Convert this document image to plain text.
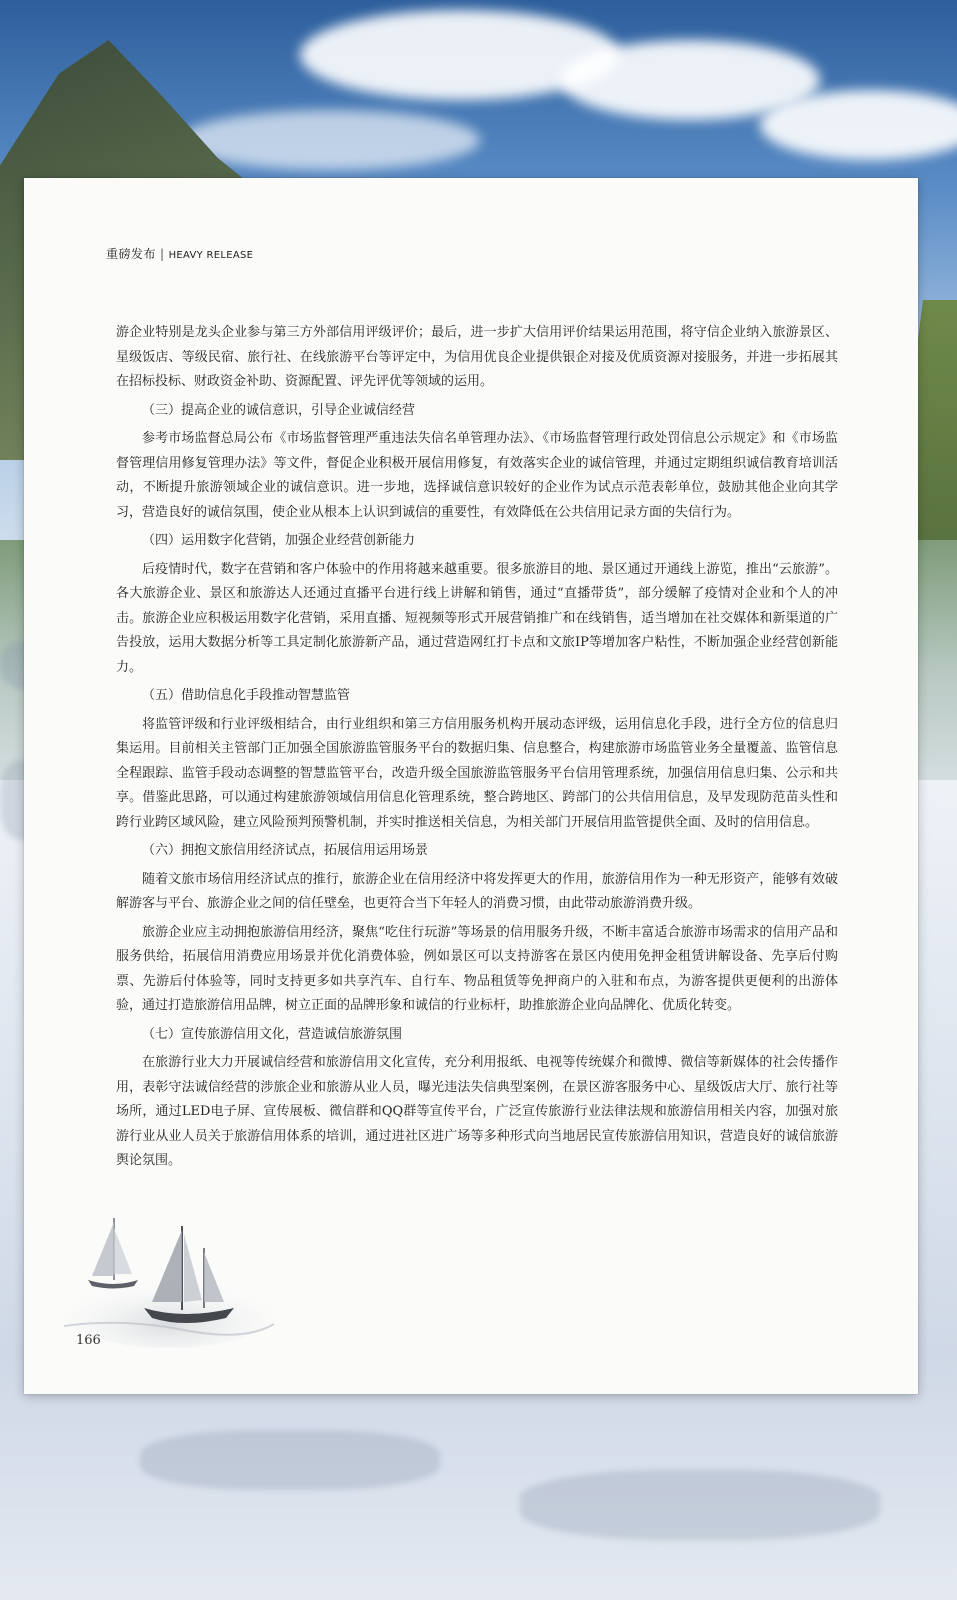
重磅发布 | HEAVY RELEASE

游企业特别是龙头企业参与第三方外部信用评级评价；最后，进一步扩大信用评价结果运用范围，将守信企业纳入旅游景区、星级饭店、等级民宿、旅行社、在线旅游平台等评定中，为信用优良企业提供银企对接及优质资源对接服务，并进一步拓展其在招标投标、财政资金补助、资源配置、评先评优等领域的运用。

（三）提高企业的诚信意识，引导企业诚信经营

参考市场监督总局公布《市场监督管理严重违法失信名单管理办法》、《市场监督管理行政处罚信息公示规定》和《市场监督管理信用修复管理办法》等文件，督促企业积极开展信用修复，有效落实企业的诚信管理，并通过定期组织诚信教育培训活动，不断提升旅游领域企业的诚信意识。进一步地，选择诚信意识较好的企业作为试点示范表彰单位，鼓励其他企业向其学习，营造良好的诚信氛围，使企业从根本上认识到诚信的重要性，有效降低在公共信用记录方面的失信行为。

（四）运用数字化营销，加强企业经营创新能力

后疫情时代，数字在营销和客户体验中的作用将越来越重要。很多旅游目的地、景区通过开通线上游览，推出“云旅游”。各大旅游企业、景区和旅游达人还通过直播平台进行线上讲解和销售，通过“直播带货”，部分缓解了疫情对企业和个人的冲击。旅游企业应积极运用数字化营销，采用直播、短视频等形式开展营销推广和在线销售，适当增加在社交媒体和新渠道的广告投放，运用大数据分析等工具定制化旅游新产品，通过营造网红打卡点和文旅IP等增加客户粘性，不断加强企业经营创新能力。

（五）借助信息化手段推动智慧监管

将监管评级和行业评级相结合，由行业组织和第三方信用服务机构开展动态评级，运用信息化手段，进行全方位的信息归集运用。目前相关主管部门正加强全国旅游监管服务平台的数据归集、信息整合，构建旅游市场监管业务全量覆盖、监管信息全程跟踪、监管手段动态调整的智慧监管平台，改造升级全国旅游监管服务平台信用管理系统，加强信用信息归集、公示和共享。借鉴此思路，可以通过构建旅游领域信用信息化管理系统，整合跨地区、跨部门的公共信用信息，及早发现防范苗头性和跨行业跨区域风险，建立风险预判预警机制，并实时推送相关信息，为相关部门开展信用监管提供全面、及时的信用信息。

（六）拥抱文旅信用经济试点，拓展信用运用场景

随着文旅市场信用经济试点的推行，旅游企业在信用经济中将发挥更大的作用，旅游信用作为一种无形资产，能够有效破解游客与平台、旅游企业之间的信任壁垒，也更符合当下年轻人的消费习惯，由此带动旅游消费升级。

旅游企业应主动拥抱旅游信用经济，聚焦“吃住行玩游”等场景的信用服务升级，不断丰富适合旅游市场需求的信用产品和服务供给，拓展信用消费应用场景并优化消费体验，例如景区可以支持游客在景区内使用免押金租赁讲解设备、先享后付购票、先游后付体验等，同时支持更多如共享汽车、自行车、物品租赁等免押商户的入驻和布点，为游客提供更便利的出游体验，通过打造旅游信用品牌，树立正面的品牌形象和诚信的行业标杆，助推旅游企业向品牌化、优质化转变。

（七）宣传旅游信用文化，营造诚信旅游氛围

在旅游行业大力开展诚信经营和旅游信用文化宣传，充分利用报纸、电视等传统媒介和微博、微信等新媒体的社会传播作用，表彰守法诚信经营的涉旅企业和旅游从业人员，曝光违法失信典型案例，在景区游客服务中心、星级饭店大厅、旅行社等场所，通过LED电子屏、宣传展板、微信群和QQ群等宣传平台，广泛宣传旅游行业法律法规和旅游信用相关内容，加强对旅游行业从业人员关于旅游信用体系的培训，通过进社区进广场等多种形式向当地居民宣传旅游信用知识，营造良好的诚信旅游舆论氛围。

166
